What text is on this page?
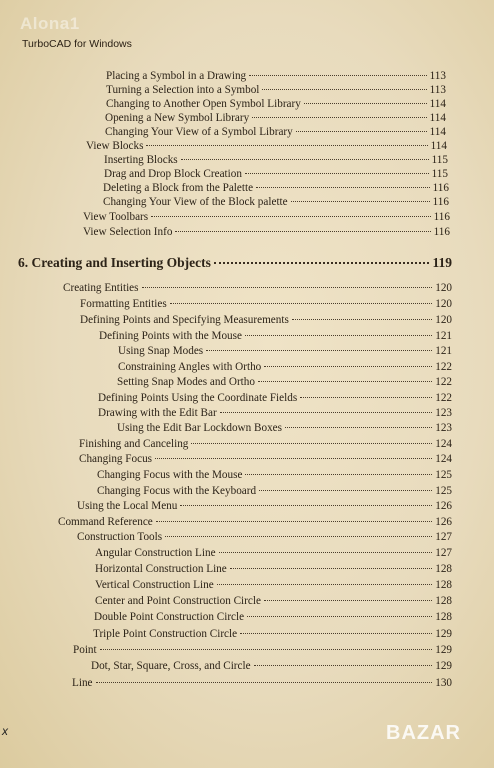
Alona1
TurboCAD for Windows
Placing a Symbol in a Drawing	113
Turning a Selection into a Symbol	113
Changing to Another Open Symbol Library	114
Opening a New Symbol Library	114
Changing Your View of a Symbol Library	114
View Blocks	114
Inserting Blocks	115
Drag and Drop Block Creation	115
Deleting a Block from the Palette	116
Changing Your View of the Block palette	116
View Toolbars	116
View Selection Info	116
6. Creating and Inserting Objects	119
Creating Entities	120
Formatting Entities	120
Defining Points and Specifying Measurements	120
Defining Points with the Mouse	121
Using Snap Modes	121
Constraining Angles with Ortho	122
Setting Snap Modes and Ortho	122
Defining Points Using the Coordinate Fields	122
Drawing with the Edit Bar	123
Using the Edit Bar Lockdown Boxes	123
Finishing and Canceling	124
Changing Focus	124
Changing Focus with the Mouse	125
Changing Focus with the Keyboard	125
Using the Local Menu	126
Command Reference	126
Construction Tools	127
Angular Construction Line	127
Horizontal Construction Line	128
Vertical Construction Line	128
Center and Point Construction Circle	128
Double Point Construction Circle	128
Triple Point Construction Circle	129
Point	129
Dot, Star, Square, Cross, and Circle	129
Line	130
x	BAZAR
